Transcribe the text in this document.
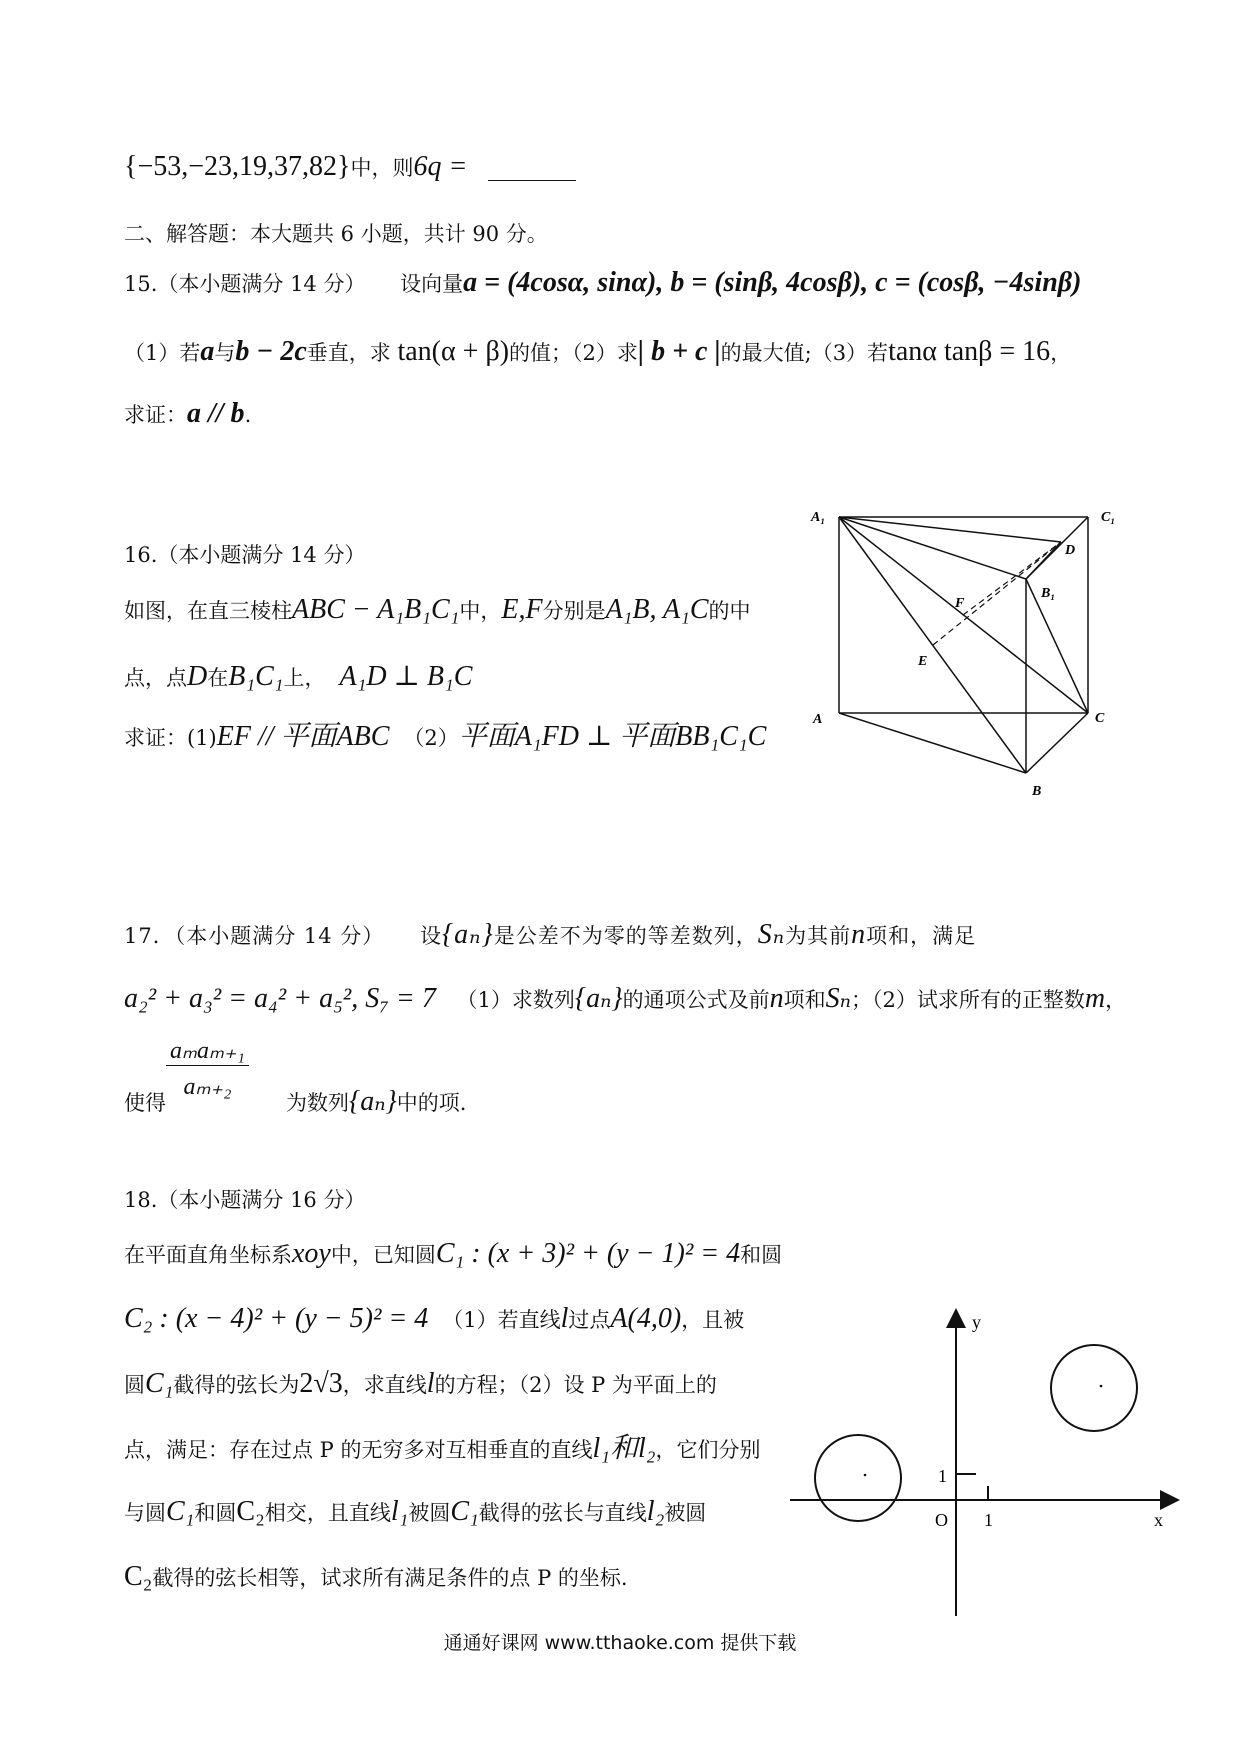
{−53,−23,19,37,82}中，则6q =
二、解答题：本大题共 6 小题，共计 90 分。
15.（本小题满分 14 分） 设向量a = (4cosα, sinα), b = (sinβ, 4cosβ), c = (cosβ, −4sinβ)
（1）若a与b − 2c垂直，求 tan(α + β)的值；（2）求| b + c |的最大值;（3）若tanα tanβ = 16，
求证：a // b.
16.（本小题满分 14 分）
如图，在直三棱柱ABC − A₁B₁C₁中，E,F分别是A₁B, A₁C的中
点，点D在B₁C₁上， A₁D ⊥ B₁C
求证：(1)EF // 平面ABC （2）平面A₁FD ⊥ 平面BB₁C₁C
A₁	C₁
D
F
B₁
E
A	C
B
17．（本小题满分 14 分） 设{aₙ}是公差不为零的等差数列，Sₙ为其前n项和，满足
a₂² + a₃² = a₄² + a₅², S₇ = 7 （1）求数列{aₙ}的通项公式及前n项和Sₙ；（2）试求所有的正整数m，
aₘaₘ₊₁
aₘ₊₂
使得	为数列{aₙ}中的项.
18.（本小题满分 16 分）
在平面直角坐标系xoy中，已知圆C₁ : (x + 3)² + (y − 1)² = 4和圆
C₂ : (x − 4)² + (y − 5)² = 4 （1）若直线l过点A(4,0)，且被
圆C₁截得的弦长为2√3，求直线l的方程；（2）设 P 为平面上的
点，满足：存在过点 P 的无穷多对互相垂直的直线l₁和l₂，它们分别
与圆C₁和圆C₂相交，且直线l₁被圆C₁截得的弦长与直线l₂被圆
C₂截得的弦长相等，试求所有满足条件的点 P 的坐标.
y
x
O 1
1
通通好课网 www.tthaoke.com 提供下载
